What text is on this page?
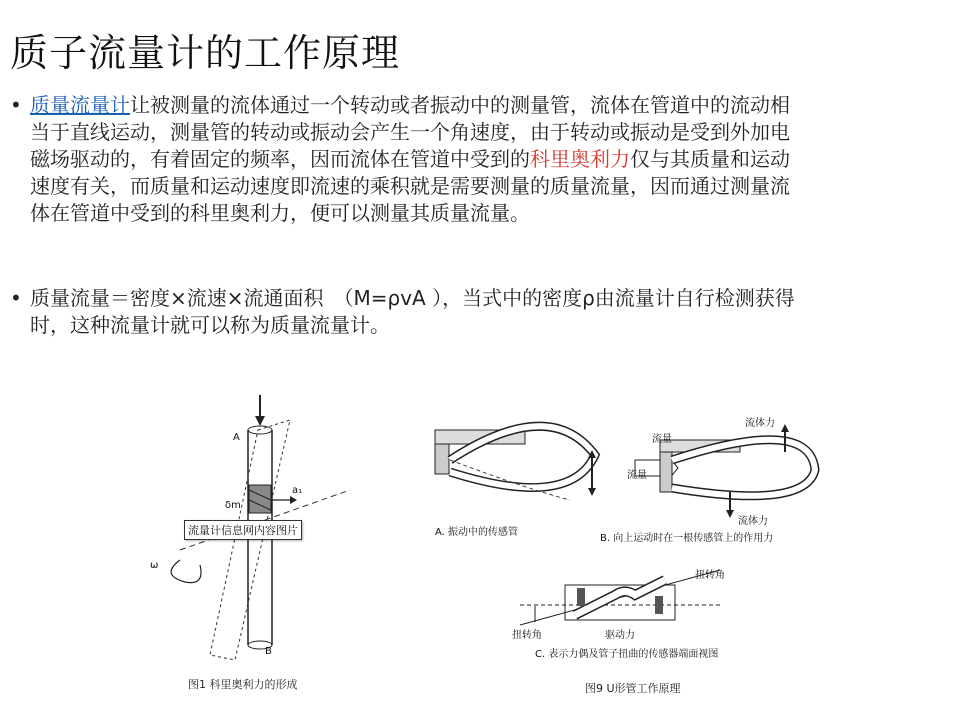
质子流量计的工作原理
• 质量流量计让被测量的流体通过一个转动或者振动中的测量管，流体在管道中的流动相当于直线运动，测量管的转动或振动会产生一个角速度，由于转动或振动是受到外加电磁场驱动的，有着固定的频率，因而流体在管道中受到的科里奥利力仅与其质量和运动速度有关，而质量和运动速度即流速的乘积就是需要测量的质量流量，因而通过测量流体在管道中受到的科里奥利力，便可以测量其质量流量。
• 质量流量＝密度×流速×流通面积　（M=ρvA ），当式中的密度ρ由流量计自行检测获得时，这种流量计就可以称为质量流量计。
A
B
δm
a₁
ω
流量计信息网内容图片
图1 科里奥利力的形成
A. 振动中的传感管
流量
流量
流体力
流体力
B. 向上运动时在一根传感管上的作用力
扭转角
扭转角
驱动力
C. 表示力偶及管子扭曲的传感器端面视图
图9 U形管工作原理
